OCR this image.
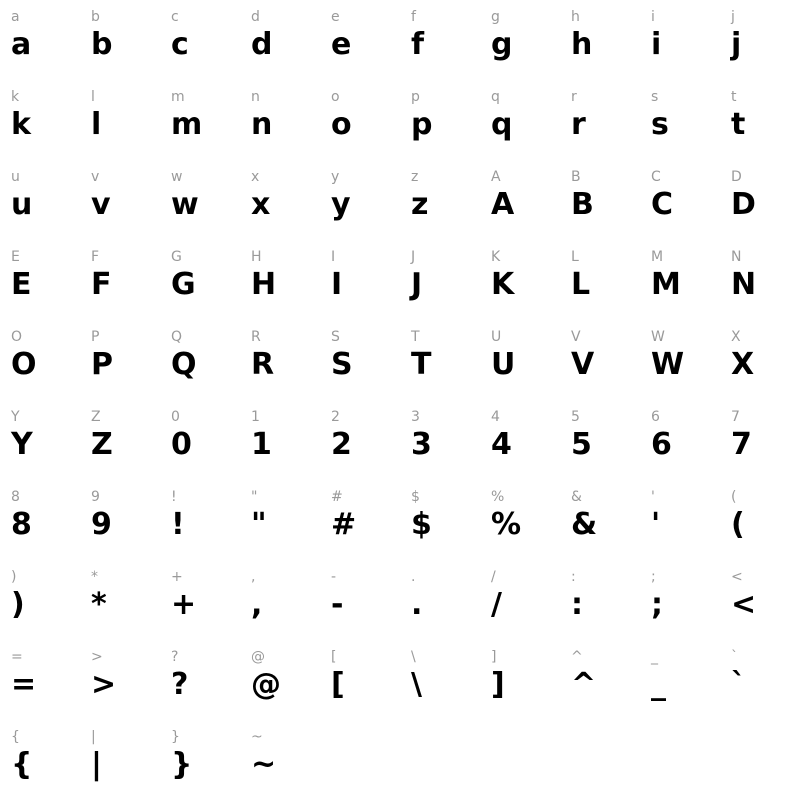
a
a
b
b
c
c
d
d
e
e
f
f
g
g
h
h
i
i
j
j
k
k
l
l
m
m
n
n
o
o
p
p
q
q
r
r
s
s
t
t
u
u
v
v
w
w
x
x
y
y
z
z
A
A
B
B
C
C
D
D
E
E
F
F
G
G
H
H
I
I
J
J
K
K
L
L
M
M
N
N
O
O
P
P
Q
Q
R
R
S
S
T
T
U
U
V
V
W
W
X
X
Y
Y
Z
Z
0
0
1
1
2
2
3
3
4
4
5
5
6
6
7
7
8
8
9
9
!
!
"
"
#
#
$
$
%
%
&
&
'
'
(
(
)
)
*
*
+
+
,
,
-
-
.
.
/
/
:
:
;
;
<
<
=
=
>
>
?
?
@
@
[
[
\
\
]
]
^
^
_
_
`
`
{
{
|
|
}
}
~
~
